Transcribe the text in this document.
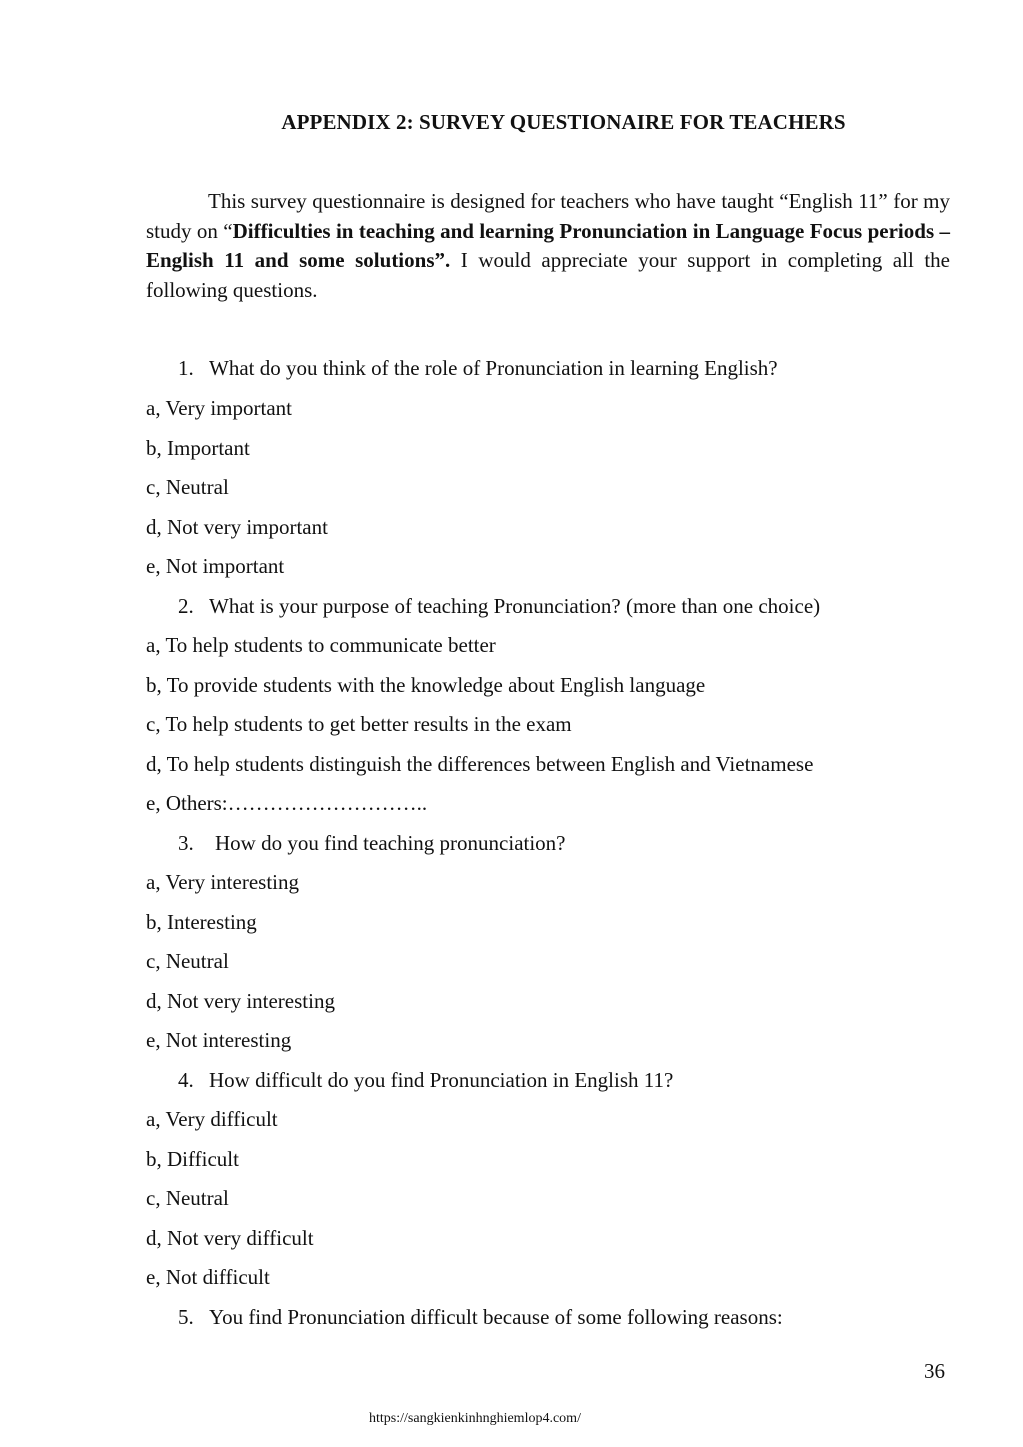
APPENDIX 2: SURVEY QUESTIONAIRE FOR TEACHERS
This survey questionnaire is designed for teachers who have taught “English 11” for my study on “Difficulties in teaching and learning Pronunciation in Language Focus periods – English 11 and some solutions”. I would appreciate your support in completing all the following questions.
1. What do you think of the role of Pronunciation in learning English?
a, Very important
b, Important
c, Neutral
d, Not very important
e, Not important
2. What is your purpose of teaching Pronunciation? (more than one choice)
a, To help students to communicate better
b, To provide students with the knowledge about English language
c, To help students to get better results in the exam
d, To help students distinguish the differences between English and Vietnamese
e, Others:………………………..
3. How do you find teaching pronunciation?
a, Very interesting
b, Interesting
c, Neutral
d, Not very interesting
e, Not interesting
4. How difficult do you find Pronunciation in English 11?
a, Very difficult
b, Difficult
c, Neutral
d, Not very difficult
e, Not difficult
5. You find Pronunciation difficult because of some following reasons:
36
https://sangkienkinhnghiemlop4.com/
